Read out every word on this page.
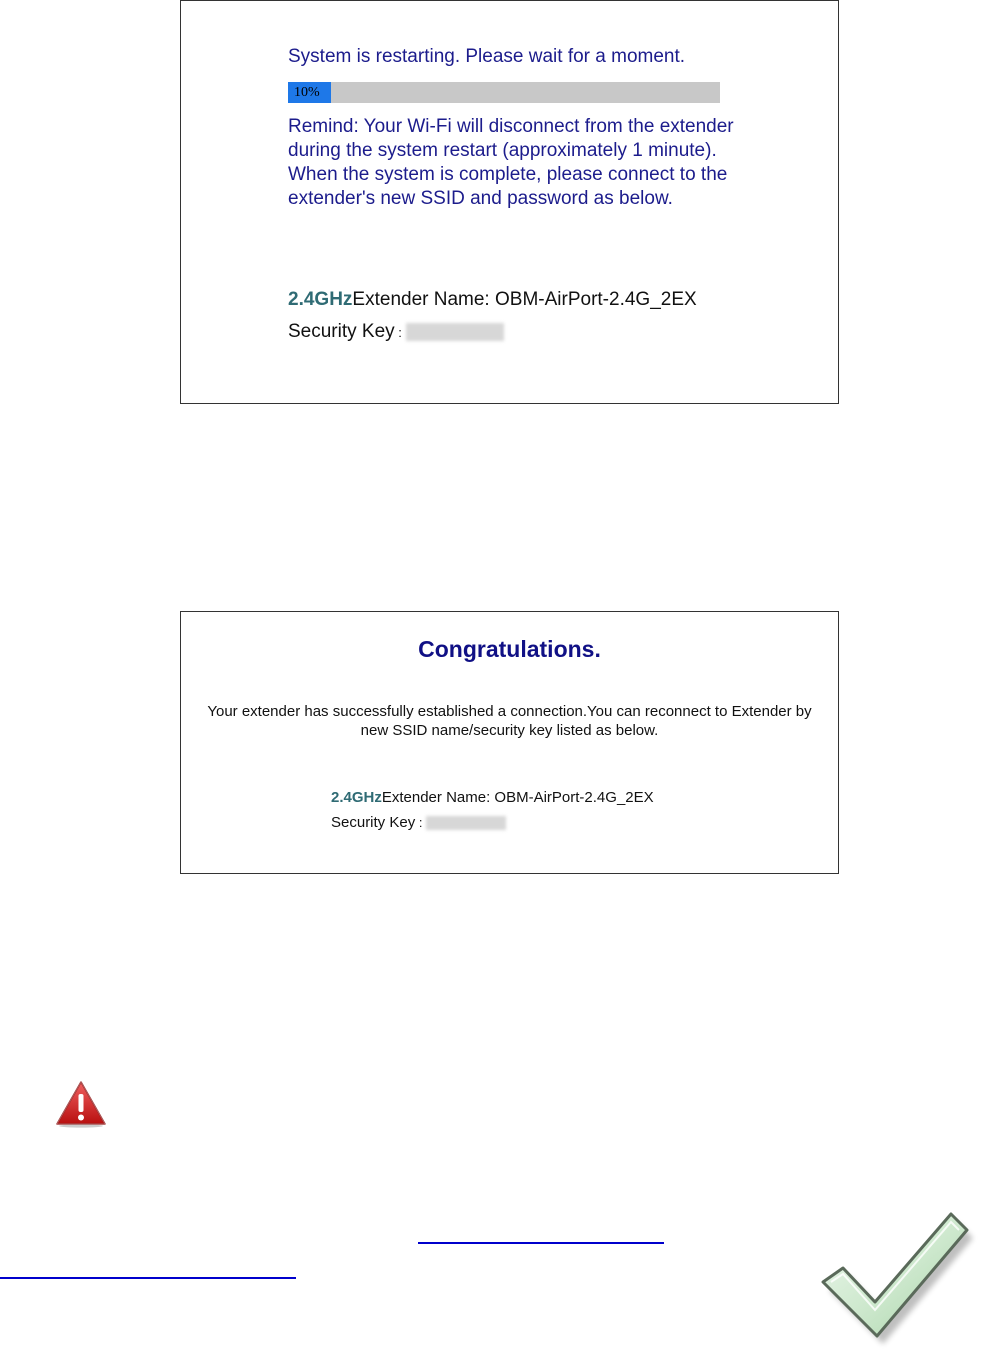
System is restarting. Please wait for a moment.
10%
Remind: Your Wi-Fi will disconnect from the extender during the system restart (approximately 1 minute). When the system is complete, please connect to the extender's new SSID and password as below.
2.4GHzExtender Name: OBM-AirPort-2.4G_2EX
Security Key :
Congratulations.
Your extender has successfully established a connection.You can reconnect to Extender by new SSID name/security key listed as below.
2.4GHzExtender Name: OBM-AirPort-2.4G_2EX
Security Key :
